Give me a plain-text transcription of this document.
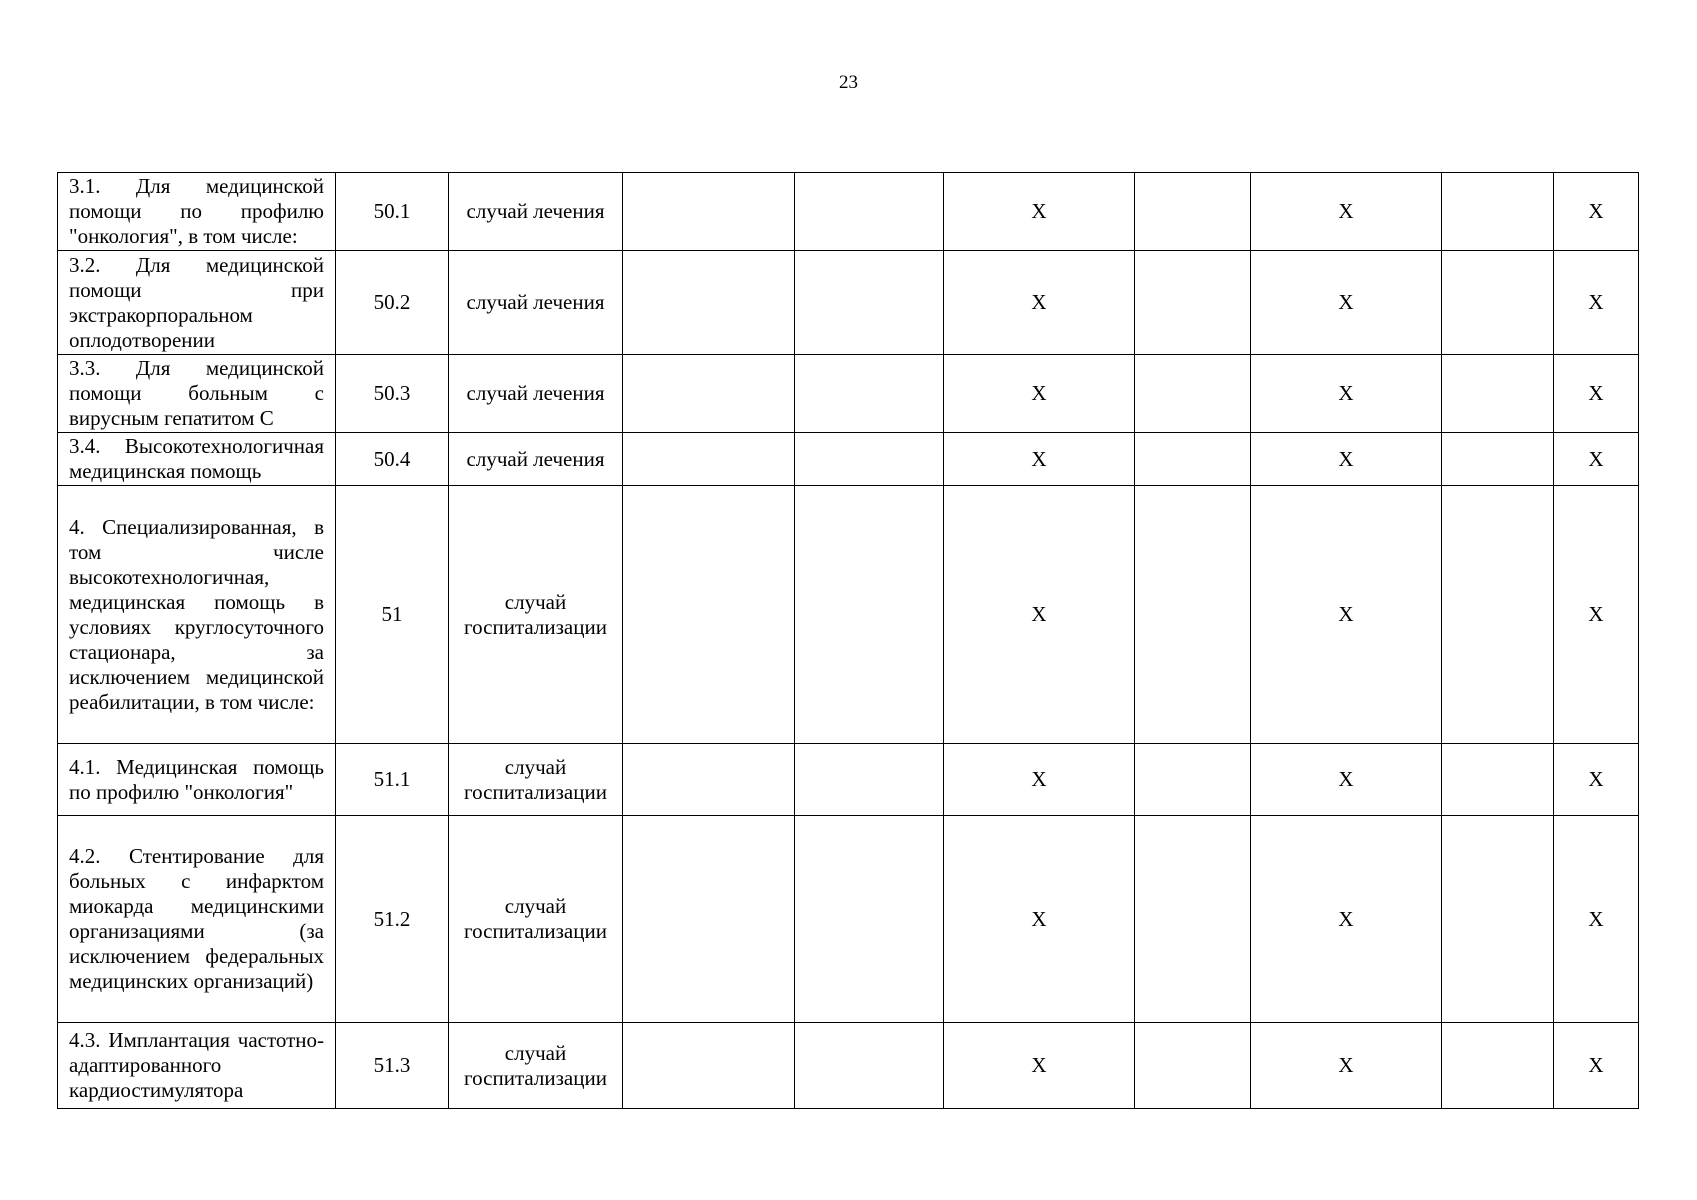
23
3.1. Для медицинской помощи по профилю "онкология", в том числе:	50.1	случай лечения			X		X		X
3.2. Для медицинской помощи при экстракорпоральном оплодотворении	50.2	случай лечения			X		X		X
3.3. Для медицинской помощи больным с вирусным гепатитом С	50.3	случай лечения			X		X		X
3.4. Высокотехнологичная медицинская помощь	50.4	случай лечения			X		X		X
4. Специализированная, в том числе высокотехнологичная, медицинская помощь в условиях круглосуточного стационара, за исключением медицинской реабилитации, в том числе:	51	случай госпитализации			X		X		X
4.1. Медицинская помощь по профилю "онкология"	51.1	случай госпитализации			X		X		X
4.2. Стентирование для больных с инфарктом миокарда медицинскими организациями (за исключением федеральных медицинских организаций)	51.2	случай госпитализации			X		X		X
4.3. Имплантация частотно-адаптированного кардиостимулятора	51.3	случай госпитализации			X		X		X
